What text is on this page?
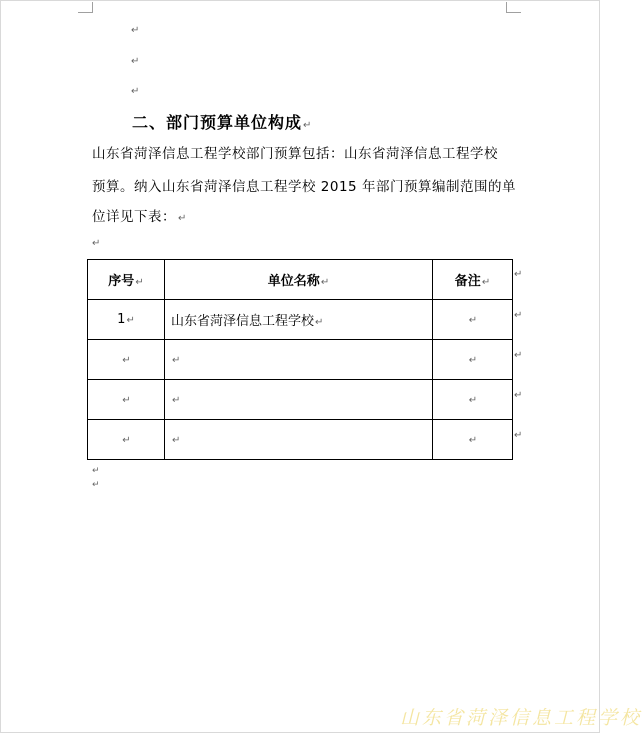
↵
↵
↵
二、部门预算单位构成↵
山东省菏泽信息工程学校部门预算包括：山东省菏泽信息工程学校
预算。纳入山东省菏泽信息工程学校 2015 年部门预算编制范围的单
位详见下表： ↵
↵
序号↵	单位名称↵	备注↵
1↵	山东省菏泽信息工程学校↵	↵
↵	↵	↵
↵	↵	↵
↵	↵	↵
↵
↵
↵
↵
↵
↵
↵
山东省菏泽信息工程学校
